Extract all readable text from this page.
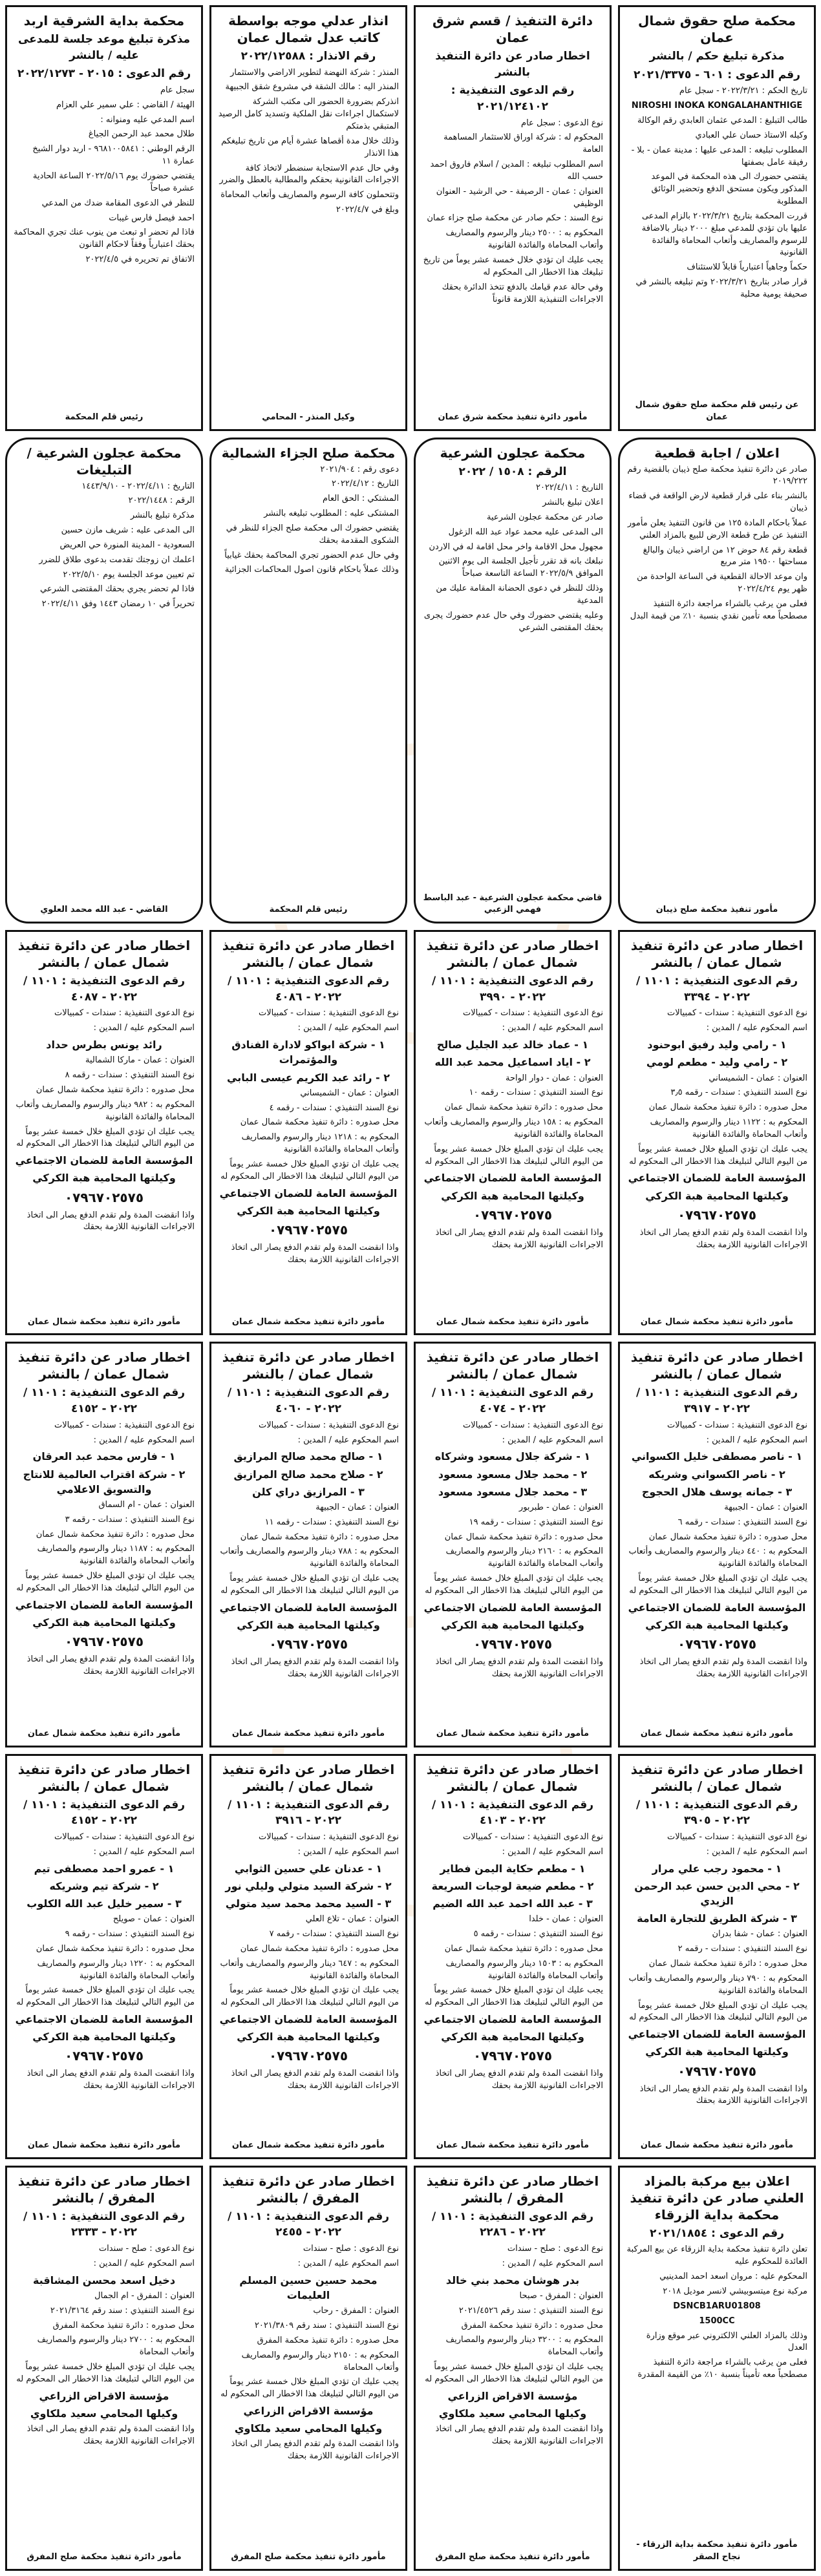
محكمة صلح حقوق شمال عمان

مذكرة تبليغ حكم / بالنشر

رقم الدعوى : ٦٠١ - ٢٠٢١/٣٣٧٥

تاريخ الحكم : ٢٠٢٢/٣/٢١ - سجل عام

NIROSHI INOKA KONGALAHANTHIGE

طالب التبليغ : المدعي عثمان العابدي رقم الوكالة

وكيله الاستاذ حسان علي العبادي

المطلوب تبليغه : المدعى عليها : مدينة عمان - بلا - رفيقة عامل بصفتها

يقتضي حضورك الى هذه المحكمة في الموعد المذكور ويكون مستحق الدفع وتحضير الوثائق المطلوبة

قررت المحكمة بتاريخ ٢٠٢٢/٣/٢١ بالزام المدعى عليها بان تؤدي للمدعي مبلغ ٢٠٠٠ دينار بالاضافة للرسوم والمصاريف وأتعاب المحاماة والفائدة القانونية

حكماً وجاهياً اعتبارياً قابلاً للاستئناف

قرار صادر بتاريخ ٢٠٢٢/٣/٢١ وتم تبليغه بالنشر في صحيفة يومية محلية

عن رئيس قلم محكمة صلح حقوق شمال عمان

دائرة التنفيذ / قسم شرق عمان

اخطار صادر عن دائرة التنفيذ بالنشر

رقم الدعوى التنفيذية : ٢٠٢١/١٢٤١٠٢

نوع الدعوى : سجل عام

المحكوم له : شركة اوراق للاستثمار المساهمة العامة

اسم المطلوب تبليغه : المدين / اسلام فاروق احمد حسب الله

العنوان : عمان - الرصيفة - حي الرشيد - العنوان الوظيفي

نوع السند : حكم صادر عن محكمة صلح جزاء عمان

المحكوم به : ٢٥٠٠ دينار والرسوم والمصاريف وأتعاب المحاماة والفائدة القانونية

يجب عليك ان تؤدي خلال خمسة عشر يوماً من تاريخ تبليغك هذا الاخطار الى المحكوم له

وفي حالة عدم قيامك بالدفع تتخذ الدائرة بحقك الاجراءات التنفيذية اللازمة قانوناً

مأمور دائرة تنفيذ محكمة شرق عمان

انذار عدلي موجه بواسطة كاتب عدل شمال عمان

رقم الانذار : ٢٠٢٢/١٢٥٨٨

المنذر : شركة النهضة لتطوير الاراضي والاستثمار

المنذر اليه : مالك الشقة في مشروع شقق الجبيهة

انذركم بضرورة الحضور الى مكتب الشركة لاستكمال اجراءات نقل الملكية وتسديد كامل الرصيد المتبقي بذمتكم

وذلك خلال مدة أقصاها عشرة أيام من تاريخ تبليغكم هذا الانذار

وفي حال عدم الاستجابة سنضطر لاتخاذ كافة الاجراءات القانونية بحقكم والمطالبة بالعطل والضرر

وتتحملون كافة الرسوم والمصاريف وأتعاب المحاماة

وبلغ في ٢٠٢٢/٤/٧

وكيل المنذر - المحامي

محكمة بداية الشرقية اربد

مذكرة تبليغ موعد جلسة للمدعى عليه / بالنشر

رقم الدعوى : ٢٠١٥ - ٢٠٢٢/١٢٧٣

سجل عام

الهيئة / القاضي : علي سمير علي العزام

اسم المدعي عليه ومنوانه :

طلال محمد عبد الرحمن الجياغ

الرقم الوطني : ٩٦٨١٠٠٥٨٤١ - اربد دوار الشيخ عمارة ١١

يقتضي حضورك يوم ٢٠٢٢/٥/١٦ الساعة الحادية عشرة صباحاً

للنظر في الدعوى المقامة ضدك من المدعي

احمد فيصل فارس غيبات

فاذا لم تحضر او تبعث من ينوب عنك تجري المحاكمة بحقك اعتبارياً وفقاً لاحكام القانون

الاتفاق تم تحريره في ٢٠٢٢/٤/٥

رئيس قلم المحكمة

اعلان / اجابة قطعية

صادر عن دائرة تنفيذ محكمة صلح ذيبان بالقضية رقم ٢٠١٩/٢٢٢

بالنشر بناء على قرار قطعية لارض الواقعة في قضاء ذيبان

عملاً باحكام المادة ١٢٥ من قانون التنفيذ يعلن مأمور التنفيذ عن طرح قطعة الارض للبيع بالمزاد العلني

قطعة رقم ٨٤ حوض ١٢ من اراضي ذيبان والبالغ مساحتها ١٩٥٠٠ متر مربع

وان موعد الاحالة القطعية في الساعة الواحدة من ظهر يوم ٢٠٢٢/٤/٢٤

فعلى من يرغب بالشراء مراجعة دائرة التنفيذ مصطحباً معه تأمين نقدي بنسبة ١٠٪ من قيمة البدل

مأمور تنفيذ محكمة صلح ذيبان

محكمة عجلون الشرعية

الرقم : ١٥٠٨ / ٢٠٢٢

التاريخ : ٢٠٢٢/٤/١١

اعلان تبليغ بالنشر

صادر عن محكمة عجلون الشرعية

الى المدعى عليه محمد عواد عبد الله الزغول

مجهول محل الاقامة واخر محل اقامة له في الاردن

نبلغك بانه قد تقرر تأجيل الجلسة الى يوم الاثنين الموافق ٢٠٢٢/٥/٩ الساعة التاسعة صباحاً

وذلك للنظر في دعوى الحضانة المقامة عليك من المدعية

وعليه يقتضي حضورك وفي حال عدم حضورك يجرى بحقك المقتضى الشرعي

قاضي محكمة عجلون الشرعية - عبد الباسط فهمي الزعبي

محكمة صلح الجزاء الشمالية

دعوى رقم : ٢٠٢١/٩٠٤

التاريخ : ٢٠٢٢/٤/١٢

المشتكي : الحق العام

المشتكى عليه : المطلوب تبليغه بالنشر

يقتضي حضورك الى محكمة صلح الجزاء للنظر في الشكوى المقدمة بحقك

وفي حال عدم الحضور تجري المحاكمة بحقك غيابياً

وذلك عملاً باحكام قانون اصول المحاكمات الجزائية

رئيس قلم المحكمة

محكمة عجلون الشرعية / التبليغات

التاريخ : ٢٠٢٢/٤/١١ - ١٤٤٣/٩/١٠

الرقم : ٢٠٢٢/١٤٤٨

مذكرة تبليغ بالنشر

الى المدعى عليه : شريف مازن حسين

السعودية - المدينة المنورة حي العريض

اعلمك ان زوجتك تقدمت بدعوى طلاق للضرر

تم تعيين موعد الجلسة يوم ٢٠٢٢/٥/١٠

فاذا لم تحضر يجري بحقك المقتضى الشرعي

تحريراً في ١٠ رمضان ١٤٤٣ وفق ٢٠٢٢/٤/١١

القاضي - عبد الله محمد العلوي

اخطار صادر عن دائرة تنفيذ شمال عمان / بالنشر

رقم الدعوى التنفيذية : ١١٠١ / ٢٠٢٢ - ٣٣٩٤

نوع الدعوى التنفيذية : سندات - كمبيالات

اسم المحكوم عليه / المدين :

١ - رامي وليد رفيق ابوحنود

٢ - رامي وليد - مطعم لومي

العنوان : عمان - الشميساني

نوع السند التنفيذي : سندات - رقمه ٣٫٥

محل صدوره : دائرة تنفيذ محكمة شمال عمان

المحكوم به : ١١٢٢ دينار والرسوم والمصاريف وأتعاب المحاماة والفائدة القانونية

يجب عليك ان تؤدي المبلغ خلال خمسة عشر يوماً من اليوم التالي لتبليغك هذا الاخطار الى المحكوم له

المؤسسة العامة للضمان الاجتماعي

وكيلتها المحامية هبة الكركي

٠٧٩٦٧٠٢٥٧٥

واذا انقضت المدة ولم تقدم الدفع يصار الى اتخاذ الاجراءات القانونية اللازمة بحقك

مأمور دائرة تنفيذ محكمة شمال عمان

اخطار صادر عن دائرة تنفيذ شمال عمان / بالنشر

رقم الدعوى التنفيذية : ١١٠١ / ٢٠٢٢ - ٣٩٩٠

نوع الدعوى التنفيذية : سندات - كمبيالات

اسم المحكوم عليه / المدين :

١ - عماد خالد عبد الجليل صالح

٢ - اياد اسماعيل محمد عبد الله

العنوان : عمان - دوار الواحة

نوع السند التنفيذي : سندات - رقمه ١٠

محل صدوره : دائرة تنفيذ محكمة شمال عمان

المحكوم به : ١٥٨ دينار والرسوم والمصاريف وأتعاب المحاماة والفائدة القانونية

يجب عليك ان تؤدي المبلغ خلال خمسة عشر يوماً من اليوم التالي لتبليغك هذا الاخطار الى المحكوم له

المؤسسة العامة للضمان الاجتماعي

وكيلتها المحامية هبة الكركي

٠٧٩٦٧٠٢٥٧٥

واذا انقضت المدة ولم تقدم الدفع يصار الى اتخاذ الاجراءات القانونية اللازمة بحقك

مأمور دائرة تنفيذ محكمة شمال عمان

اخطار صادر عن دائرة تنفيذ شمال عمان / بالنشر

رقم الدعوى التنفيذية : ١١٠١ / ٢٠٢٢ - ٤٠٨٦

نوع الدعوى التنفيذية : سندات - كمبيالات

اسم المحكوم عليه / المدين :

١ - شركة ابواكو لادارة الفنادق والمؤتمرات

٢ - رائد عبد الكريم عيسى البابي

العنوان : عمان - الشميساني

نوع السند التنفيذي : سندات - رقمه ٤

محل صدوره : دائرة تنفيذ محكمة شمال عمان

المحكوم به : ١٢١٨ دينار والرسوم والمصاريف وأتعاب المحاماة والفائدة القانونية

يجب عليك ان تؤدي المبلغ خلال خمسة عشر يوماً من اليوم التالي لتبليغك هذا الاخطار الى المحكوم له

المؤسسة العامة للضمان الاجتماعي

وكيلتها المحامية هبة الكركي

٠٧٩٦٧٠٢٥٧٥

واذا انقضت المدة ولم تقدم الدفع يصار الى اتخاذ الاجراءات القانونية اللازمة بحقك

مأمور دائرة تنفيذ محكمة شمال عمان

اخطار صادر عن دائرة تنفيذ شمال عمان / بالنشر

رقم الدعوى التنفيذية : ١١٠١ / ٢٠٢٢ - ٤٠٨٧

نوع الدعوى التنفيذية : سندات - كمبيالات

اسم المحكوم عليه / المدين :

رائد يونس بطرس حداد

العنوان : عمان - ماركا الشمالية

نوع السند التنفيذي : سندات - رقمه ٨

محل صدوره : دائرة تنفيذ محكمة شمال عمان

المحكوم به : ٩٨٢ دينار والرسوم والمصاريف وأتعاب المحاماة والفائدة القانونية

يجب عليك ان تؤدي المبلغ خلال خمسة عشر يوماً من اليوم التالي لتبليغك هذا الاخطار الى المحكوم له

المؤسسة العامة للضمان الاجتماعي

وكيلتها المحامية هبة الكركي

٠٧٩٦٧٠٢٥٧٥

واذا انقضت المدة ولم تقدم الدفع يصار الى اتخاذ الاجراءات القانونية اللازمة بحقك

مأمور دائرة تنفيذ محكمة شمال عمان

اخطار صادر عن دائرة تنفيذ شمال عمان / بالنشر

رقم الدعوى التنفيذية : ١١٠١ / ٢٠٢٢ - ٣٩١٧

نوع الدعوى التنفيذية : سندات - كمبيالات

اسم المحكوم عليه / المدين :

١ - ناصر مصطفى خليل الكسواني

٢ - ناصر الكسواني وشريكه

٣ - جمانه يوسف هلال الحجوج

العنوان : عمان - الجبيهة

نوع السند التنفيذي : سندات - رقمه ٦

محل صدوره : دائرة تنفيذ محكمة شمال عمان

المحكوم به : ٤٤٠ دينار والرسوم والمصاريف وأتعاب المحاماة والفائدة القانونية

يجب عليك ان تؤدي المبلغ خلال خمسة عشر يوماً من اليوم التالي لتبليغك هذا الاخطار الى المحكوم له

المؤسسة العامة للضمان الاجتماعي

وكيلتها المحامية هبة الكركي

٠٧٩٦٧٠٢٥٧٥

واذا انقضت المدة ولم تقدم الدفع يصار الى اتخاذ الاجراءات القانونية اللازمة بحقك

مأمور دائرة تنفيذ محكمة شمال عمان

اخطار صادر عن دائرة تنفيذ شمال عمان / بالنشر

رقم الدعوى التنفيذية : ١١٠١ / ٢٠٢٢ - ٤٠٧٤

نوع الدعوى التنفيذية : سندات - كمبيالات

اسم المحكوم عليه / المدين :

١ - شركة جلال مسعود وشركاه

٢ - محمد جلال مسعود مسعود

٣ - محمد جلال مسعود مسعود

العنوان : عمان - طبربور

نوع السند التنفيذي : سندات - رقمه ١٩

محل صدوره : دائرة تنفيذ محكمة شمال عمان

المحكوم به : ٢١٦٠ دينار والرسوم والمصاريف وأتعاب المحاماة والفائدة القانونية

يجب عليك ان تؤدي المبلغ خلال خمسة عشر يوماً من اليوم التالي لتبليغك هذا الاخطار الى المحكوم له

المؤسسة العامة للضمان الاجتماعي

وكيلتها المحامية هبة الكركي

٠٧٩٦٧٠٢٥٧٥

واذا انقضت المدة ولم تقدم الدفع يصار الى اتخاذ الاجراءات القانونية اللازمة بحقك

مأمور دائرة تنفيذ محكمة شمال عمان

اخطار صادر عن دائرة تنفيذ شمال عمان / بالنشر

رقم الدعوى التنفيذية : ١١٠١ / ٢٠٢٢ - ٤٠٦٠

نوع الدعوى التنفيذية : سندات - كمبيالات

اسم المحكوم عليه / المدين :

١ - صالح محمد صالح المرازيق

٢ - صلاح محمد صالح المرازيق

٣ - المرازيق دراي كلن

العنوان : عمان - الجبيهة

نوع السند التنفيذي : سندات - رقمه ١١

محل صدوره : دائرة تنفيذ محكمة شمال عمان

المحكوم به : ٧٨٨ دينار والرسوم والمصاريف وأتعاب المحاماة والفائدة القانونية

يجب عليك ان تؤدي المبلغ خلال خمسة عشر يوماً من اليوم التالي لتبليغك هذا الاخطار الى المحكوم له

المؤسسة العامة للضمان الاجتماعي

وكيلتها المحامية هبة الكركي

٠٧٩٦٧٠٢٥٧٥

واذا انقضت المدة ولم تقدم الدفع يصار الى اتخاذ الاجراءات القانونية اللازمة بحقك

مأمور دائرة تنفيذ محكمة شمال عمان

اخطار صادر عن دائرة تنفيذ شمال عمان / بالنشر

رقم الدعوى التنفيذية : ١١٠١ / ٢٠٢٢ - ٤١٥٢

نوع الدعوى التنفيذية : سندات - كمبيالات

اسم المحكوم عليه / المدين :

١ - فارس محمد عبد العرقان

٢ - شركة اقتراب العالمية للانتاج والتسويق الاعلامي

العنوان : عمان - ام السماق

نوع السند التنفيذي : سندات - رقمه ٣

محل صدوره : دائرة تنفيذ محكمة شمال عمان

المحكوم به : ١١٨٧ دينار والرسوم والمصاريف وأتعاب المحاماة والفائدة القانونية

يجب عليك ان تؤدي المبلغ خلال خمسة عشر يوماً من اليوم التالي لتبليغك هذا الاخطار الى المحكوم له

المؤسسة العامة للضمان الاجتماعي

وكيلتها المحامية هبة الكركي

٠٧٩٦٧٠٢٥٧٥

واذا انقضت المدة ولم تقدم الدفع يصار الى اتخاذ الاجراءات القانونية اللازمة بحقك

مأمور دائرة تنفيذ محكمة شمال عمان

اخطار صادر عن دائرة تنفيذ شمال عمان / بالنشر

رقم الدعوى التنفيذية : ١١٠١ / ٢٠٢٢ - ٣٩٠٥

نوع الدعوى التنفيذية : سندات - كمبيالات

اسم المحكوم عليه / المدين :

١ - محمود رجب علي مرار

٢ - محي الدين حسن عبد الرحمن الزيدي

٣ - شركة الطريق للتجارة العامة

العنوان : عمان - شفا بدران

نوع السند التنفيذي : سندات - رقمه ٢

محل صدوره : دائرة تنفيذ محكمة شمال عمان

المحكوم به : ٧٩٠ دينار والرسوم والمصاريف وأتعاب المحاماة والفائدة القانونية

يجب عليك ان تؤدي المبلغ خلال خمسة عشر يوماً من اليوم التالي لتبليغك هذا الاخطار الى المحكوم له

المؤسسة العامة للضمان الاجتماعي

وكيلتها المحامية هبة الكركي

٠٧٩٦٧٠٢٥٧٥

واذا انقضت المدة ولم تقدم الدفع يصار الى اتخاذ الاجراءات القانونية اللازمة بحقك

مأمور دائرة تنفيذ محكمة شمال عمان

اخطار صادر عن دائرة تنفيذ شمال عمان / بالنشر

رقم الدعوى التنفيذية : ١١٠١ / ٢٠٢٢ - ٤١٠٣

نوع الدعوى التنفيذية : سندات - كمبيالات

اسم المحكوم عليه / المدين :

١ - مطعم حكاية اليمن فطاير

٢ - مطعم ضيعة لوجبات السريعة

٣ - عبد الله احمد عبد الله الضيم

العنوان : عمان - خلدا

نوع السند التنفيذي : سندات - رقمه ٥

محل صدوره : دائرة تنفيذ محكمة شمال عمان

المحكوم به : ١٥٠٣ دينار والرسوم والمصاريف وأتعاب المحاماة والفائدة القانونية

يجب عليك ان تؤدي المبلغ خلال خمسة عشر يوماً من اليوم التالي لتبليغك هذا الاخطار الى المحكوم له

المؤسسة العامة للضمان الاجتماعي

وكيلتها المحامية هبة الكركي

٠٧٩٦٧٠٢٥٧٥

واذا انقضت المدة ولم تقدم الدفع يصار الى اتخاذ الاجراءات القانونية اللازمة بحقك

مأمور دائرة تنفيذ محكمة شمال عمان

اخطار صادر عن دائرة تنفيذ شمال عمان / بالنشر

رقم الدعوى التنفيذية : ١١٠١ / ٢٠٢٢ - ٣٩١٦

نوع الدعوى التنفيذية : سندات - كمبيالات

اسم المحكوم عليه / المدين :

١ - عدنان علي حسين الثوابي

٢ - شركة السيد متولي وليلي نور

٣ - السيد محمد محمد سيد متولي

العنوان : عمان - تلاع العلي

نوع السند التنفيذي : سندات - رقمه ٧

محل صدوره : دائرة تنفيذ محكمة شمال عمان

المحكوم به : ٦٤٧ دينار والرسوم والمصاريف وأتعاب المحاماة والفائدة القانونية

يجب عليك ان تؤدي المبلغ خلال خمسة عشر يوماً من اليوم التالي لتبليغك هذا الاخطار الى المحكوم له

المؤسسة العامة للضمان الاجتماعي

وكيلتها المحامية هبة الكركي

٠٧٩٦٧٠٢٥٧٥

واذا انقضت المدة ولم تقدم الدفع يصار الى اتخاذ الاجراءات القانونية اللازمة بحقك

مأمور دائرة تنفيذ محكمة شمال عمان

اخطار صادر عن دائرة تنفيذ شمال عمان / بالنشر

رقم الدعوى التنفيذية : ١١٠١ / ٢٠٢٢ - ٤١٥٢

نوع الدعوى التنفيذية : سندات - كمبيالات

اسم المحكوم عليه / المدين :

١ - عمرو احمد مصطفى تيم

٢ - شركة تيم وشريكه

٣ - سمير خليل عبد الله الكلوب

العنوان : عمان - صويلح

نوع السند التنفيذي : سندات - رقمه ٩

محل صدوره : دائرة تنفيذ محكمة شمال عمان

المحكوم به : ١٢٢٠ دينار والرسوم والمصاريف وأتعاب المحاماة والفائدة القانونية

يجب عليك ان تؤدي المبلغ خلال خمسة عشر يوماً من اليوم التالي لتبليغك هذا الاخطار الى المحكوم له

المؤسسة العامة للضمان الاجتماعي

وكيلتها المحامية هبة الكركي

٠٧٩٦٧٠٢٥٧٥

واذا انقضت المدة ولم تقدم الدفع يصار الى اتخاذ الاجراءات القانونية اللازمة بحقك

مأمور دائرة تنفيذ محكمة شمال عمان

اعلان بيع مركبة بالمزاد العلني صادر عن دائرة تنفيذ محكمة بداية الزرقاء

رقم الدعوى : ٢٠٢١/١٨٥٤

تعلن دائرة تنفيذ محكمة بداية الزرقاء عن بيع المركبة العائدة للمحكوم عليه

المحكوم عليه : مروان اسعد احمد المدينيي

مركبة نوع ميتسوبيشي لانسر موديل ٢٠١٨

DSNCB1ARU01808

1500CC

وذلك بالمزاد العلني الالكتروني عبر موقع وزارة العدل

فعلى من يرغب بالشراء مراجعة دائرة التنفيذ مصطحباً معه تأميناً بنسبة ١٠٪ من القيمة المقدرة

مأمور دائرة تنفيذ محكمة بداية الزرقاء - نجاح الصقر

اخطار صادر عن دائرة تنفيذ المفرق / بالنشر

رقم الدعوى التنفيذية : ١١٠١ / ٢٠٢٢ - ٢٢٨٦

نوع الدعوى : صلح - سندات

اسم المحكوم عليه / المدين :

بدر هوشان محمد بني خالد

العنوان : المفرق - صبحا

نوع السند التنفيذي : سند رقم ٢٠٢١/٤٥٢٦

محل صدوره : دائرة تنفيذ محكمة المفرق

المحكوم به : ٣٢٠٠ دينار والرسوم والمصاريف وأتعاب المحاماة

يجب عليك ان تؤدي المبلغ خلال خمسة عشر يوماً من اليوم التالي لتبليغك هذا الاخطار الى المحكوم له

مؤسسة الاقراض الزراعي

وكيلها المحامي سعيد ملكاوي

واذا انقضت المدة ولم تقدم الدفع يصار الى اتخاذ الاجراءات القانونية اللازمة بحقك

مأمور دائرة تنفيذ محكمة صلح المفرق

اخطار صادر عن دائرة تنفيذ المفرق / بالنشر

رقم الدعوى التنفيذية : ١١٠١ / ٢٠٢٢ - ٢٤٥٥

نوع الدعوى : صلح - سندات

اسم المحكوم عليه / المدين :

محمد حسين حسين المسلم العليمات

العنوان : المفرق - رحاب

نوع السند التنفيذي : سند رقم ٢٠٢١/٣٨٠٩

محل صدوره : دائرة تنفيذ محكمة المفرق

المحكوم به : ٢١٥٠ دينار والرسوم والمصاريف وأتعاب المحاماة

يجب عليك ان تؤدي المبلغ خلال خمسة عشر يوماً من اليوم التالي لتبليغك هذا الاخطار الى المحكوم له

مؤسسة الاقراض الزراعي

وكيلها المحامي سعيد ملكاوي

واذا انقضت المدة ولم تقدم الدفع يصار الى اتخاذ الاجراءات القانونية اللازمة بحقك

مأمور دائرة تنفيذ محكمة صلح المفرق

اخطار صادر عن دائرة تنفيذ المفرق / بالنشر

رقم الدعوى التنفيذية : ١١٠١ / ٢٠٢٢ - ٢٣٣٣

نوع الدعوى : صلح - سندات

اسم المحكوم عليه / المدين :

دخيل اسعد محسن المشاقبة

العنوان : المفرق - ام الجمال

نوع السند التنفيذي : سند رقم ٢٠٢١/٣١٦٤

محل صدوره : دائرة تنفيذ محكمة المفرق

المحكوم به : ٢٧٠٠ دينار والرسوم والمصاريف وأتعاب المحاماة

يجب عليك ان تؤدي المبلغ خلال خمسة عشر يوماً من اليوم التالي لتبليغك هذا الاخطار الى المحكوم له

مؤسسة الاقراض الزراعي

وكيلها المحامي سعيد ملكاوي

واذا انقضت المدة ولم تقدم الدفع يصار الى اتخاذ الاجراءات القانونية اللازمة بحقك

مأمور دائرة تنفيذ محكمة صلح المفرق
